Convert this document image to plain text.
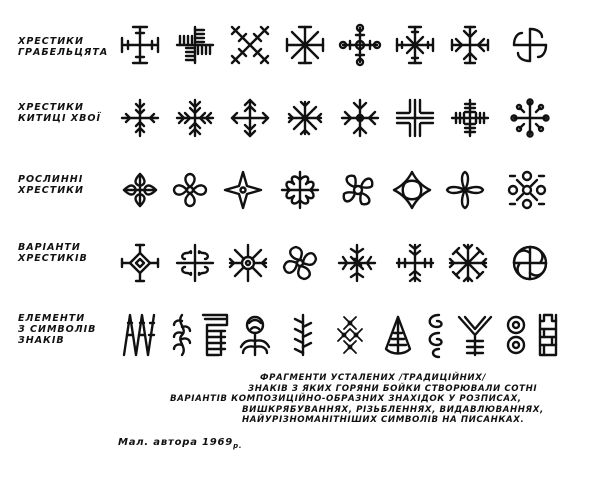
ХРЕСТИКИ
ГРАБЕЛЬЦЯТА
ХРЕСТИКИ
КИТИЦІ ХВОЇ
РОСЛИННІ
ХРЕСТИКИ
ВАРІАНТИ
ХРЕСТИКІВ
ЕЛЕМЕНТИ
З СИМВОЛІВ
ЗНАКІВ
ФРАГМЕНТИ УСТАЛЕНИХ /ТРАДИЦІЙНИХ/
ЗНАКІВ З ЯКИХ ГОРЯНИ БОЙКИ СТВОРЮВАЛИ СОТНІ
ВАРІАНТІВ КОМПОЗИЦІЙНО-ОБРАЗНИХ ЗНАХІДОК У РОЗПИСАХ,
ВИШКРЯБУВАННЯХ, РІЗЬБЛЕННЯХ, ВИДАВЛЮВАННЯХ,
НАЙУРІЗНОМАНІТНІШИХ СИМВОЛІВ НА ПИСАНКАХ.
Мал. автора $1969_{р.}$
